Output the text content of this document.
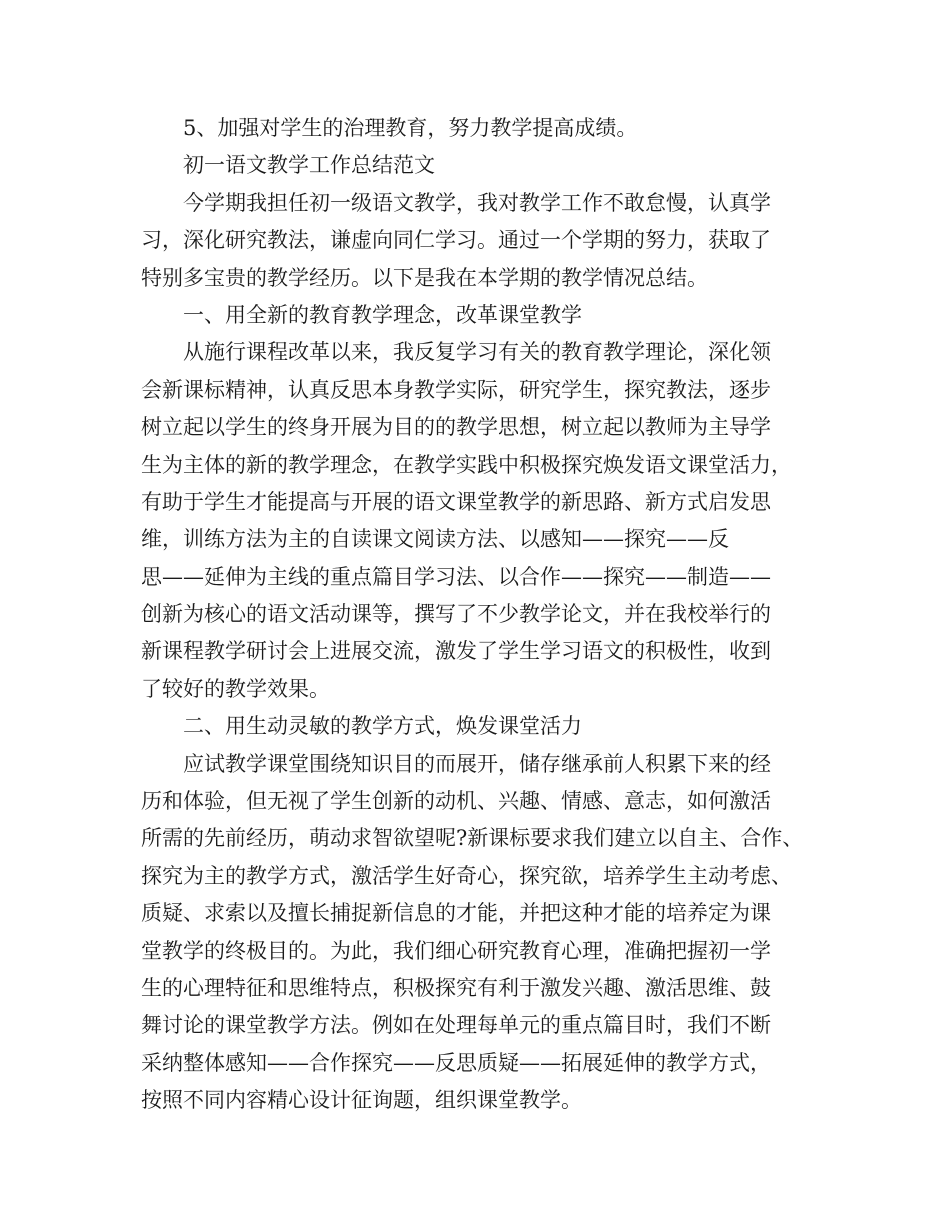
5、加强对学生的治理教育，努力教学提高成绩。
初一语文教学工作总结范文
今学期我担任初一级语文教学，我对教学工作不敢怠慢，认真学
习，深化研究教法，谦虚向同仁学习。通过一个学期的努力，获取了
特别多宝贵的教学经历。以下是我在本学期的教学情况总结。
一、用全新的教育教学理念，改革课堂教学
从施行课程改革以来，我反复学习有关的教育教学理论，深化领
会新课标精神，认真反思本身教学实际，研究学生，探究教法，逐步
树立起以学生的终身开展为目的的教学思想，树立起以教师为主导学
生为主体的新的教学理念，在教学实践中积极探究焕发语文课堂活力，
有助于学生才能提高与开展的语文课堂教学的新思路、新方式启发思
维，训练方法为主的自读课文阅读方法、以感知——探究——反
思——延伸为主线的重点篇目学习法、以合作——探究——制造——
创新为核心的语文活动课等，撰写了不少教学论文，并在我校举行的
新课程教学研讨会上进展交流，激发了学生学习语文的积极性，收到
了较好的教学效果。
二、用生动灵敏的教学方式，焕发课堂活力
应试教学课堂围绕知识目的而展开，储存继承前人积累下来的经
历和体验，但无视了学生创新的动机、兴趣、情感、意志，如何激活
所需的先前经历，萌动求智欲望呢?新课标要求我们建立以自主、合作、
探究为主的教学方式，激活学生好奇心，探究欲，培养学生主动考虑、
质疑、求索以及擅长捕捉新信息的才能，并把这种才能的培养定为课
堂教学的终极目的。为此，我们细心研究教育心理，准确把握初一学
生的心理特征和思维特点，积极探究有利于激发兴趣、激活思维、鼓
舞讨论的课堂教学方法。例如在处理每单元的重点篇目时，我们不断
采纳整体感知——合作探究——反思质疑——拓展延伸的教学方式，
按照不同内容精心设计征询题，组织课堂教学。
